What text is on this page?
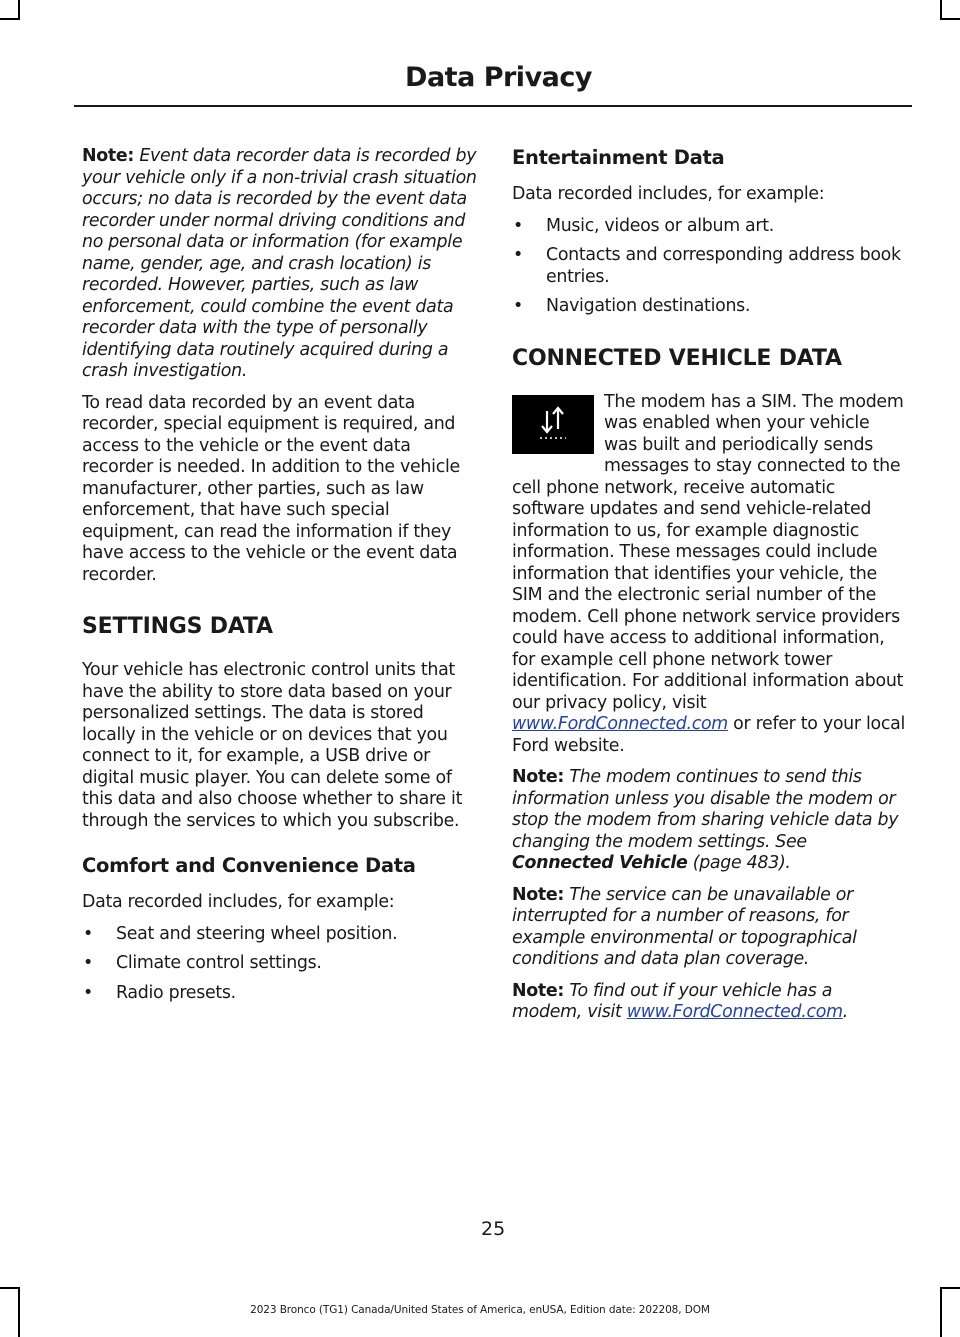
Data Privacy

Note: Event data recorder data is recorded by your vehicle only if a non-trivial crash situation occurs; no data is recorded by the event data recorder under normal driving conditions and no personal data or information (for example name, gender, age, and crash location) is recorded. However, parties, such as law enforcement, could combine the event data recorder data with the type of personally identifying data routinely acquired during a crash investigation.

To read data recorded by an event data recorder, special equipment is required, and access to the vehicle or the event data recorder is needed. In addition to the vehicle manufacturer, other parties, such as law enforcement, that have such special equipment, can read the information if they have access to the vehicle or the event data recorder.

SETTINGS DATA

Your vehicle has electronic control units that have the ability to store data based on your personalized settings. The data is stored locally in the vehicle or on devices that you connect to it, for example, a USB drive or digital music player. You can delete some of this data and also choose whether to share it through the services to which you subscribe.

Comfort and Convenience Data

Data recorded includes, for example:

• Seat and steering wheel position.
• Climate control settings.
• Radio presets.
Entertainment Data

Data recorded includes, for example:

• Music, videos or album art.
• Contacts and corresponding address book entries.
• Navigation destinations.
CONNECTED VEHICLE DATA

The modem has a SIM. The modem was enabled when your vehicle was built and periodically sends messages to stay connected to the cell phone network, receive automatic software updates and send vehicle-related information to us, for example diagnostic information. These messages could include information that identifies your vehicle, the SIM and the electronic serial number of the modem. Cell phone network service providers could have access to additional information, for example cell phone network tower identification. For additional information about our privacy policy, visit www.FordConnected.com or refer to your local Ford website.

Note: The modem continues to send this information unless you disable the modem or stop the modem from sharing vehicle data by changing the modem settings. See Connected Vehicle (page 483).

Note: The service can be unavailable or interrupted for a number of reasons, for example environmental or topographical conditions and data plan coverage.

Note: To find out if your vehicle has a modem, visit www.FordConnected.com.

25
2023 Bronco (TG1) Canada/United States of America, enUSA, Edition date: 202208, DOM
